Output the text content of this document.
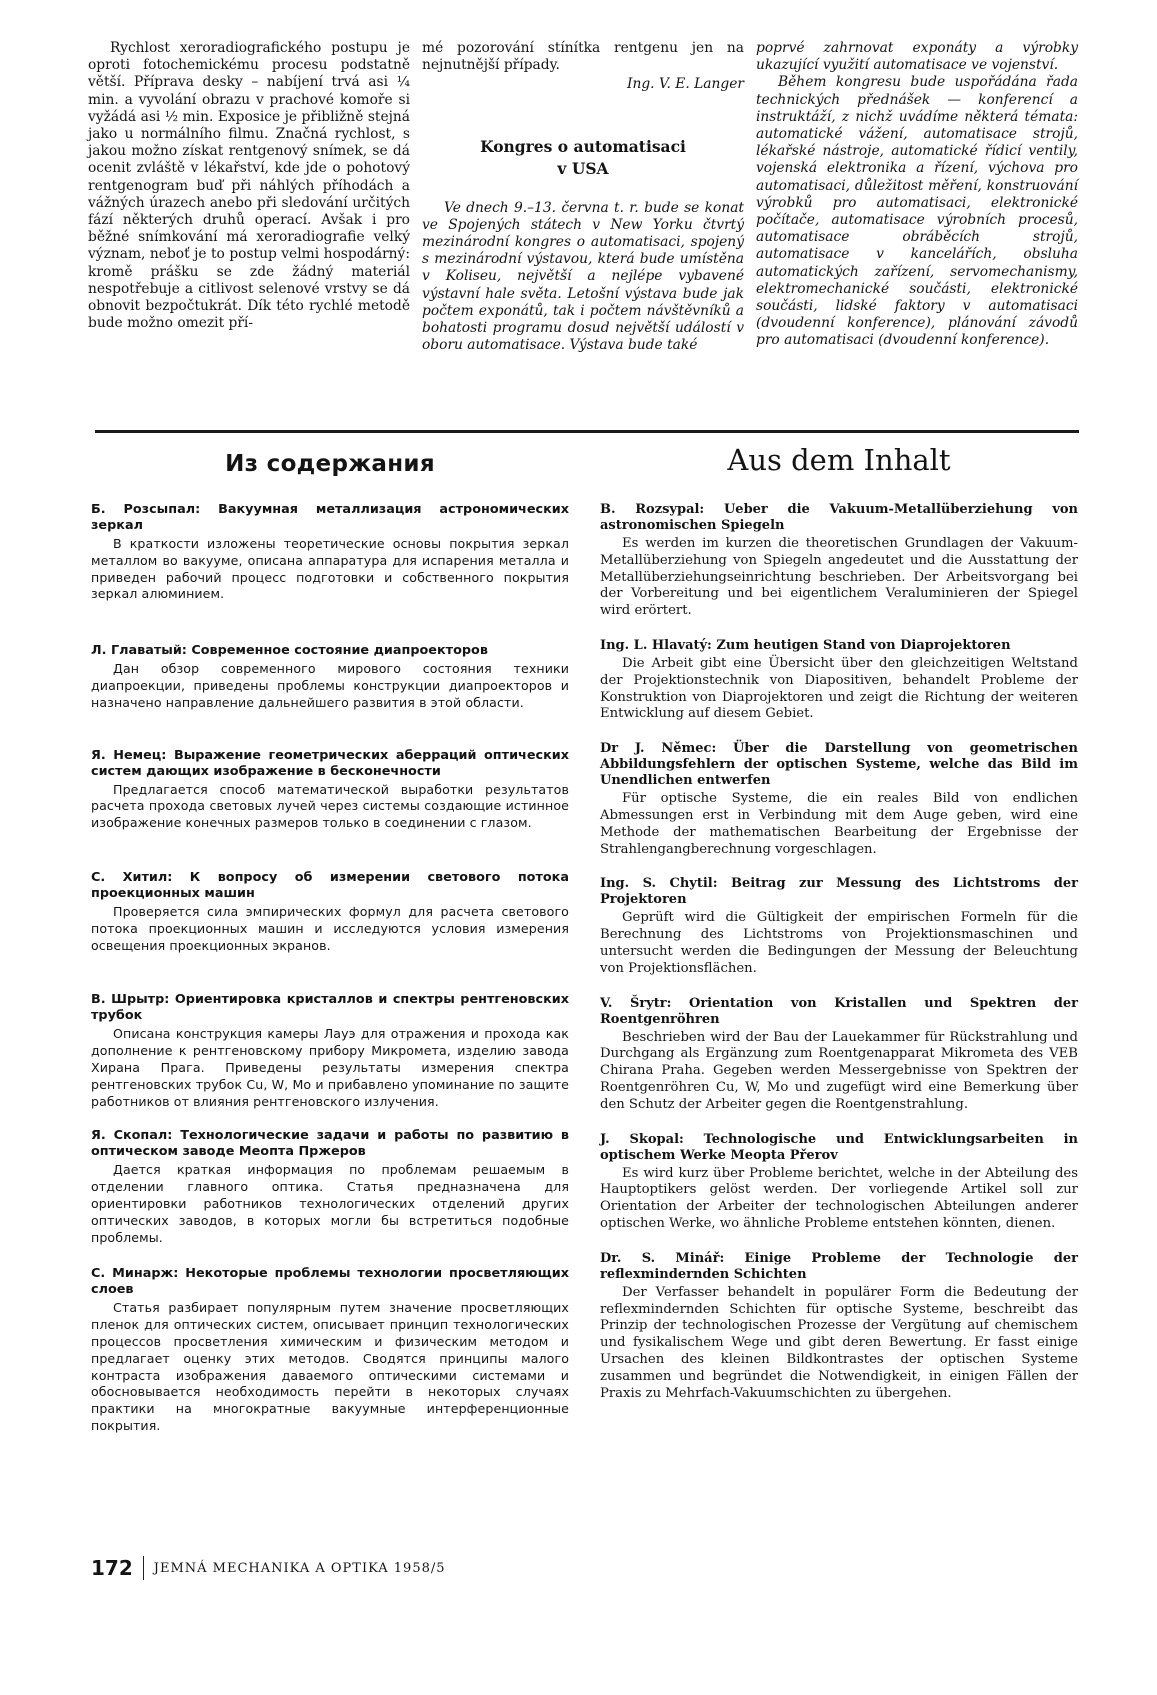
Rychlost xeroradiografického postupu je oproti fotochemickému procesu podstatně větší. Příprava desky – nabíjení trvá asi ¼ min. a vyvolání obrazu v prachové komoře si vyžádá asi ½ min. Exposice je přibližně stejná jako u normálního filmu. Značná rychlost, s jakou možno získat rentgenový snímek, se dá ocenit zvláště v lékařství, kde jde o pohotový rentgenogram buď při náhlých příhodách a vážných úrazech anebo při sledování určitých fází některých druhů operací. Avšak i pro běžné snímkování má xeroradiografie velký význam, neboť je to postup velmi hospodárný: kromě prášku se zde žádný materiál nespotřebuje a citlivost selenové vrstvy se dá obnovit bezpočtukrát. Dík této rychlé metodě bude možno omezit pří-

mé pozorování stínítka rentgenu jen na nejnutnější případy.

Ing. V. E. Langer

Kongres o automatisaci
v USA

Ve dnech 9.–13. června t. r. bude se konat ve Spojených státech v New Yorku čtvrtý mezinárodní kongres o automatisaci, spojený s mezinárodní výstavou, která bude umístěna v Koliseu, největší a nejlépe vybavené výstavní hale světa. Letošní výstava bude jak počtem exponátů, tak i počtem návštěvníků a bohatosti programu dosud největší událostí v oboru automatisace. Výstava bude také

poprvé zahrnovat exponáty a výrobky ukazující využití automatisace ve vojenství.

Během kongresu bude uspořádána řada technických přednášek — konferencí a instruktáží, z nichž uvádíme některá témata: automatické vážení, automatisace strojů, lékařské nástroje, automatické řídicí ventily, vojenská elektronika a řízení, výchova pro automatisaci, důležitost měření, konstruování výrobků pro automatisaci, elektronické počítače, automatisace výrobních procesů, automatisace obráběcích strojů, automatisace v kancelářích, obsluha automatických zařízení, servomechanismy, elektromechanické součásti, elektronické součásti, lidské faktory v automatisaci (dvoudenní konference), plánování závodů pro automatisaci (dvoudenní konference).

Из содержания
Б. Розсыпал: Вакуумная металлизация астрономических зеркал
В краткости изложены теоретические основы покрытия зеркал металлом во вакууме, описана аппаратура для испарения металла и приведен рабочий процесс подготовки и собственного покрытия зеркал алюминием.
Л. Главатый: Современное состояние диапроекторов
Дан обзор современного мирового состояния техники диапроекции, приведены проблемы конструкции диапроекторов и назначено направление дальнейшего развития в этой области.
Я. Немец: Выражение геометрических аберраций оптических систем дающих изображение в бесконечности
Предлагается способ математической выработки результатов расчета прохода световых лучей через системы создающие истинное изображение конечных размеров только в соединении с глазом.
С. Хитил: К вопросу об измерении светового потока проекционных машин
Проверяется сила эмпирических формул для расчета светового потока проекционных машин и исследуются условия измерения освещения проекционных экранов.
В. Шрытр: Ориентировка кристаллов и спектры рентгеновских трубок
Описана конструкция камеры Лауэ для отражения и прохода как дополнение к рентгеновскому прибору Микромета, изделию завода Хирана Прага. Приведены результаты измерения спектра рентгеновских трубок Cu, W, Mo и прибавлено упоминание по защите работников от влияния рентгеновского излучения.
Я. Скопал: Технологические задачи и работы по развитию в оптическом заводе Меопта Пржеров
Дается краткая информация по проблемам решаемым в отделении главного оптика. Статья предназначена для ориентировки работников технологических отделений других оптических заводов, в которых могли бы встретиться подобные проблемы.
С. Минарж: Некоторые проблемы технологии просветляющих слоев
Статья разбирает популярным путем значение просветляющих пленок для оптических систем, описывает принцип технологических процессов просветления химическим и физическим методом и предлагает оценку этих методов. Сводятся принципы малого контраста изображения даваемого оптическими системами и обосновывается необходимость перейти в некоторых случаях практики на многократные вакуумные интерференционные покрытия.
Aus dem Inhalt
B. Rozsypal: Ueber die Vakuum-Metallüberziehung von astronomischen Spiegeln
Es werden im kurzen die theoretischen Grundlagen der Vakuum-Metallüberziehung von Spiegeln angedeutet und die Ausstattung der Metallüberziehungseinrichtung beschrieben. Der Arbeitsvorgang bei der Vorbereitung und bei eigentlichem Veraluminieren der Spiegel wird erörtert.
Ing. L. Hlavatý: Zum heutigen Stand von Diaprojektoren
Die Arbeit gibt eine Übersicht über den gleichzeitigen Weltstand der Projektionstechnik von Diapositiven, behandelt Probleme der Konstruktion von Diaprojektoren und zeigt die Richtung der weiteren Entwicklung auf diesem Gebiet.
Dr J. Němec: Über die Darstellung von geometrischen Abbildungsfehlern der optischen Systeme, welche das Bild im Unendlichen entwerfen
Für optische Systeme, die ein reales Bild von endlichen Abmessungen erst in Verbindung mit dem Auge geben, wird eine Methode der mathematischen Bearbeitung der Ergebnisse der Strahlengangberechnung vorgeschlagen.
Ing. S. Chytil: Beitrag zur Messung des Lichtstroms der Projektoren
Geprüft wird die Gültigkeit der empirischen Formeln für die Berechnung des Lichtstroms von Projektionsmaschinen und untersucht werden die Bedingungen der Messung der Beleuchtung von Projektionsflächen.
V. Šrytr: Orientation von Kristallen und Spektren der Roentgenröhren
Beschrieben wird der Bau der Lauekammer für Rückstrahlung und Durchgang als Ergänzung zum Roentgenapparat Mikrometa des VEB Chirana Praha. Gegeben werden Messergebnisse von Spektren der Roentgenröhren Cu, W, Mo und zugefügt wird eine Bemerkung über den Schutz der Arbeiter gegen die Roentgenstrahlung.
J. Skopal: Technologische und Entwicklungsarbeiten in optischem Werke Meopta Přerov
Es wird kurz über Probleme berichtet, welche in der Abteilung des Hauptoptikers gelöst werden. Der vorliegende Artikel soll zur Orientation der Arbeiter der technologischen Abteilungen anderer optischen Werke, wo ähnliche Probleme entstehen könnten, dienen.
Dr. S. Minář: Einige Probleme der Technologie der reflexmindernden Schichten
Der Verfasser behandelt in populärer Form die Bedeutung der reflexmindernden Schichten für optische Systeme, beschreibt das Prinzip der technologischen Prozesse der Vergütung auf chemischem und fysikalischem Wege und gibt deren Bewertung. Er fasst einige Ursachen des kleinen Bildkontrastes der optischen Systeme zusammen und begründet die Notwendigkeit, in einigen Fällen der Praxis zu Mehrfach-Vakuumschichten zu übergehen.
172 JEMNÁ MECHANIKA A OPTIKA 1958/5
